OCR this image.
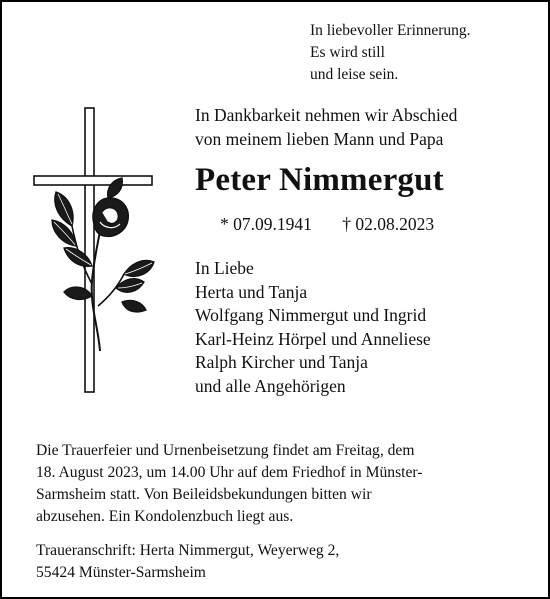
In liebevoller Erinnerung.
Es wird still
und leise sein.
In Dankbarkeit nehmen wir Abschied
von meinem lieben Mann und Papa
Peter Nimmergut
* 07.09.1941 † 02.08.2023
In Liebe
Herta und Tanja
Wolfgang Nimmergut und Ingrid
Karl-Heinz Hörpel und Anneliese
Ralph Kircher und Tanja
und alle Angehörigen
Die Trauerfeier und Urnenbeisetzung findet am Freitag, dem
18. August 2023, um 14.00 Uhr auf dem Friedhof in Münster-
Sarmsheim statt. Von Beileidsbekundungen bitten wir
abzusehen. Ein Kondolenzbuch liegt aus.
Traueranschrift: Herta Nimmergut, Weyerweg 2,
55424 Münster-Sarmsheim
